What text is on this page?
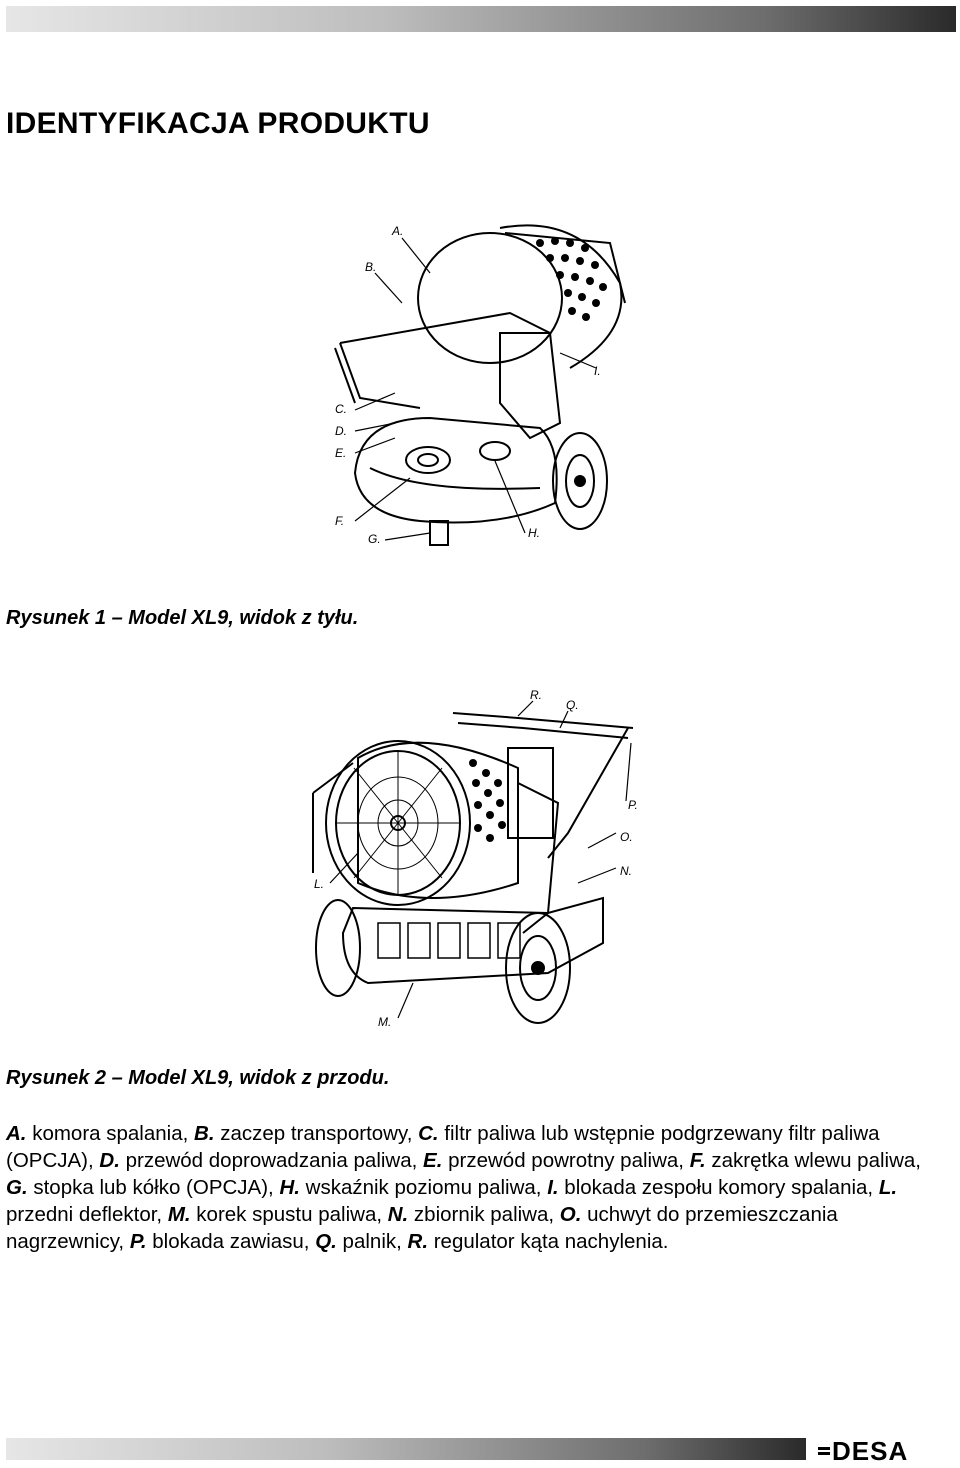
IDENTYFIKACJA PRODUKTU
A.
B.
C.
D.
E.
F.
G.	H.
I.

Rysunek 1 – Model XL9, widok z tyłu.

R.
Q.
P.
O.
N.
L.
M.

Rysunek 2 – Model XL9, widok z przodu.

A. komora spalania, B. zaczep transportowy, C. filtr paliwa lub wstępnie podgrzewany filtr paliwa (OPCJA), D. przewód doprowadzania paliwa, E. przewód powrotny paliwa, F. zakrętka wlewu paliwa, G. stopka lub kółko (OPCJA), H. wskaźnik poziomu paliwa, I. blokada zespołu komory spalania, L. przedni deflektor, M. korek spustu paliwa, N. zbiornik paliwa, O. uchwyt do przemieszczania nagrzewnicy, P. blokada zawiasu, Q. palnik, R. regulator kąta nachylenia.

DESA
